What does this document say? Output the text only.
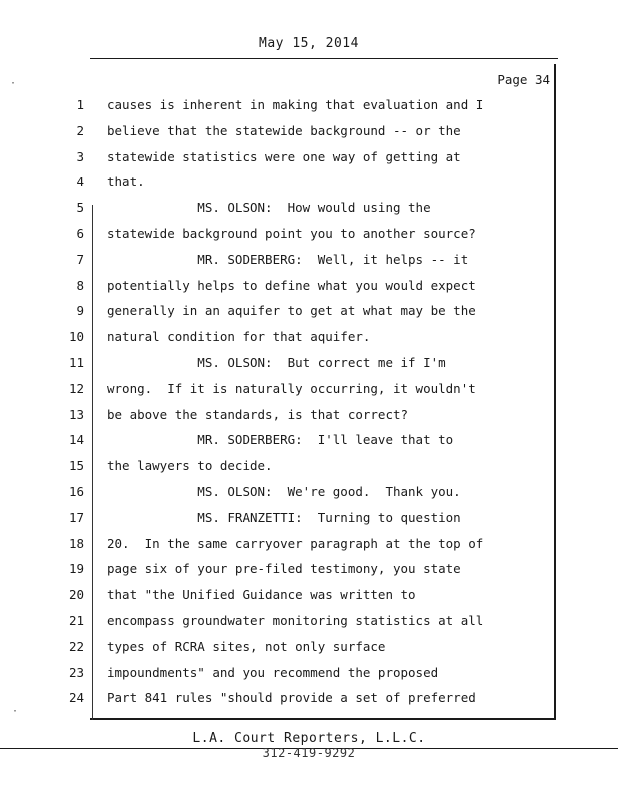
May 15, 2014
Page 34
1
2
3
4
5
6
7
8
9
10
11
12
13
14
15
16
17
18
19
20
21
22
23
24
causes is inherent in making that evaluation and I
believe that the statewide background -- or the
statewide statistics were one way of getting at
that.
MS. OLSON:  How would using the
statewide background point you to another source?
MR. SODERBERG:  Well, it helps -- it
potentially helps to define what you would expect
generally in an aquifer to get at what may be the
natural condition for that aquifer.
MS. OLSON:  But correct me if I'm
wrong.  If it is naturally occurring, it wouldn't
be above the standards, is that correct?
MR. SODERBERG:  I'll leave that to
the lawyers to decide.
MS. OLSON:  We're good.  Thank you.
MS. FRANZETTI:  Turning to question
20.  In the same carryover paragraph at the top of
page six of your pre-filed testimony, you state
that "the Unified Guidance was written to
encompass groundwater monitoring statistics at all
types of RCRA sites, not only surface
impoundments" and you recommend the proposed
Part 841 rules "should provide a set of preferred
L.A. Court Reporters, L.L.C.
312-419-9292
·
·
